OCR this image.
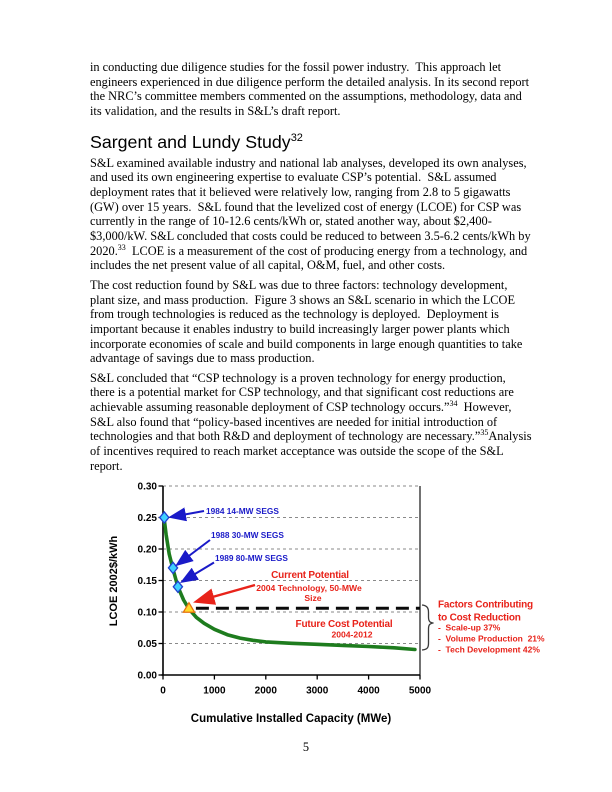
in conducting due diligence studies for the fossil power industry.  This approach let
engineers experienced in due diligence perform the detailed analysis. In its second report
the NRC’s committee members commented on the assumptions, methodology, data and
its validation, and the results in S&L’s draft report.

Sargent and Lundy Study$^{32}$

S&L examined available industry and national lab analyses, developed its own analyses,
and used its own engineering expertise to evaluate CSP’s potential.  S&L assumed
deployment rates that it believed were relatively low, ranging from 2.8 to 5 gigawatts
(GW) over 15 years.  S&L found that the levelized cost of energy (LCOE) for CSP was
currently in the range of 10-12.6 cents/kWh or, stated another way, about $2,400-
$3,000/kW. S&L concluded that costs could be reduced to between 3.5-6.2 cents/kWh by
2020.33  LCOE is a measurement of the cost of producing energy from a technology, and
includes the net present value of all capital, O&M, fuel, and other costs.

The cost reduction found by S&L was due to three factors: technology development,
plant size, and mass production.  Figure 3 shows an S&L scenario in which the LCOE
from trough technologies is reduced as the technology is deployed.  Deployment is
important because it enables industry to build increasingly larger power plants which
incorporate economies of scale and build components in large enough quantities to take
advantage of savings due to mass production.

S&L concluded that “CSP technology is a proven technology for energy production,
there is a potential market for CSP technology, and that significant cost reductions are
achievable assuming reasonable deployment of CSP technology occurs.”$^{34}$  However,
S&L also found that “policy-based incentives are needed for initial introduction of
technologies and that both R&D and deployment of technology are necessary.”$^{35}$Analysis
of incentives required to reach market acceptance was outside the scope of the S&L
report.

0.00
0.05
0.10
0.15
0.20
0.25
0.30
0	1000	2000	3000	4000	5000
LCOE 2002$/kWh
Cumulative Installed Capacity (MWe)
1984 14-MW SEGS
1988 30-MW SEGS
1989 80-MW SEGS
Current Potential
2004 Technology, 50-MWe
Size
Future Cost Potential
2004-2012
Factors Contributing
to Cost Reduction
-  Scale-up 37%
-  Volume Production  21%
-  Tech Development 42%
5
